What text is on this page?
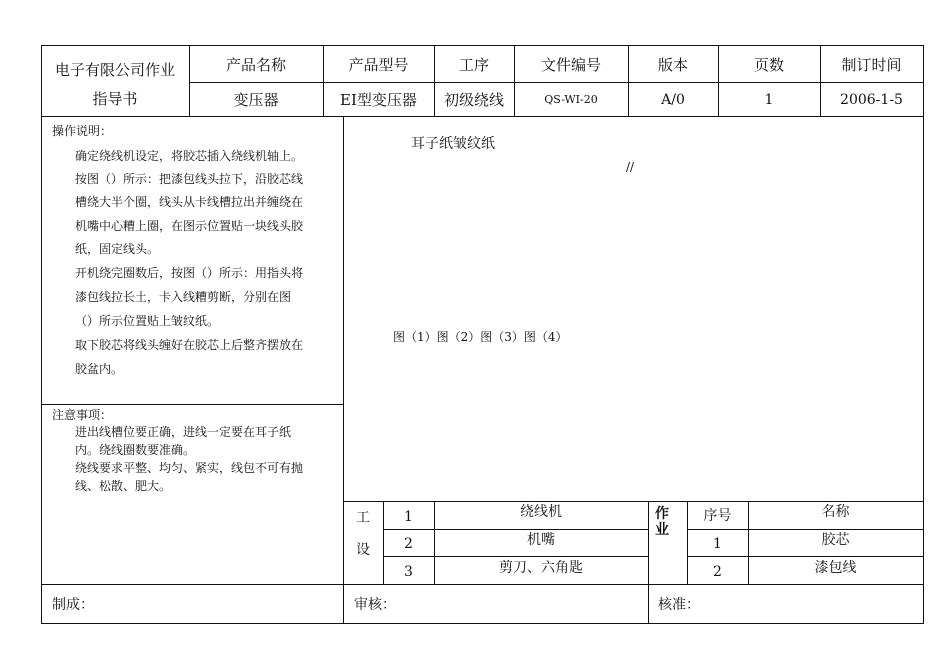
电子有限公司作业
指导书
产品名称	产品型号	工序	文件编号	版本	页数	制订时间
变压器	EI型变压器	初级绕线	QS-WI-20	A/0	1	2006-1-5
操作说明：
确定绕线机设定，将胶芯插入绕线机轴上。
按图（）所示：把漆包线头拉下，沿胶芯线
槽绕大半个圈，线头从卡线槽拉出并缠绕在
机嘴中心糟上圈，在图示位置贴一块线头胶
纸，固定线头。
开机绕完圈数后，按图（）所示：用指头将
漆包线拉长土，卡入线糟剪断，分别在图
（）所示位置贴上皱纹纸。
取下胶芯将线头缠好在胶芯上后整齐摆放在
胶盆内。
注意事项：
进出线槽位要正确，进线一定要在耳子纸
内。绕线圈数要准确。
绕线要求平整、均匀、紧实，线包不可有抛
线、松散、肥大。
耳子纸皱纹纸
//
图（1）图（2）图（3）图（4）
工
设
1	绕线机
2	机嘴
3	剪刀、六角匙
作
业
序号	名称
1	胶芯
2	漆包线
制成：	审核：	核准：
